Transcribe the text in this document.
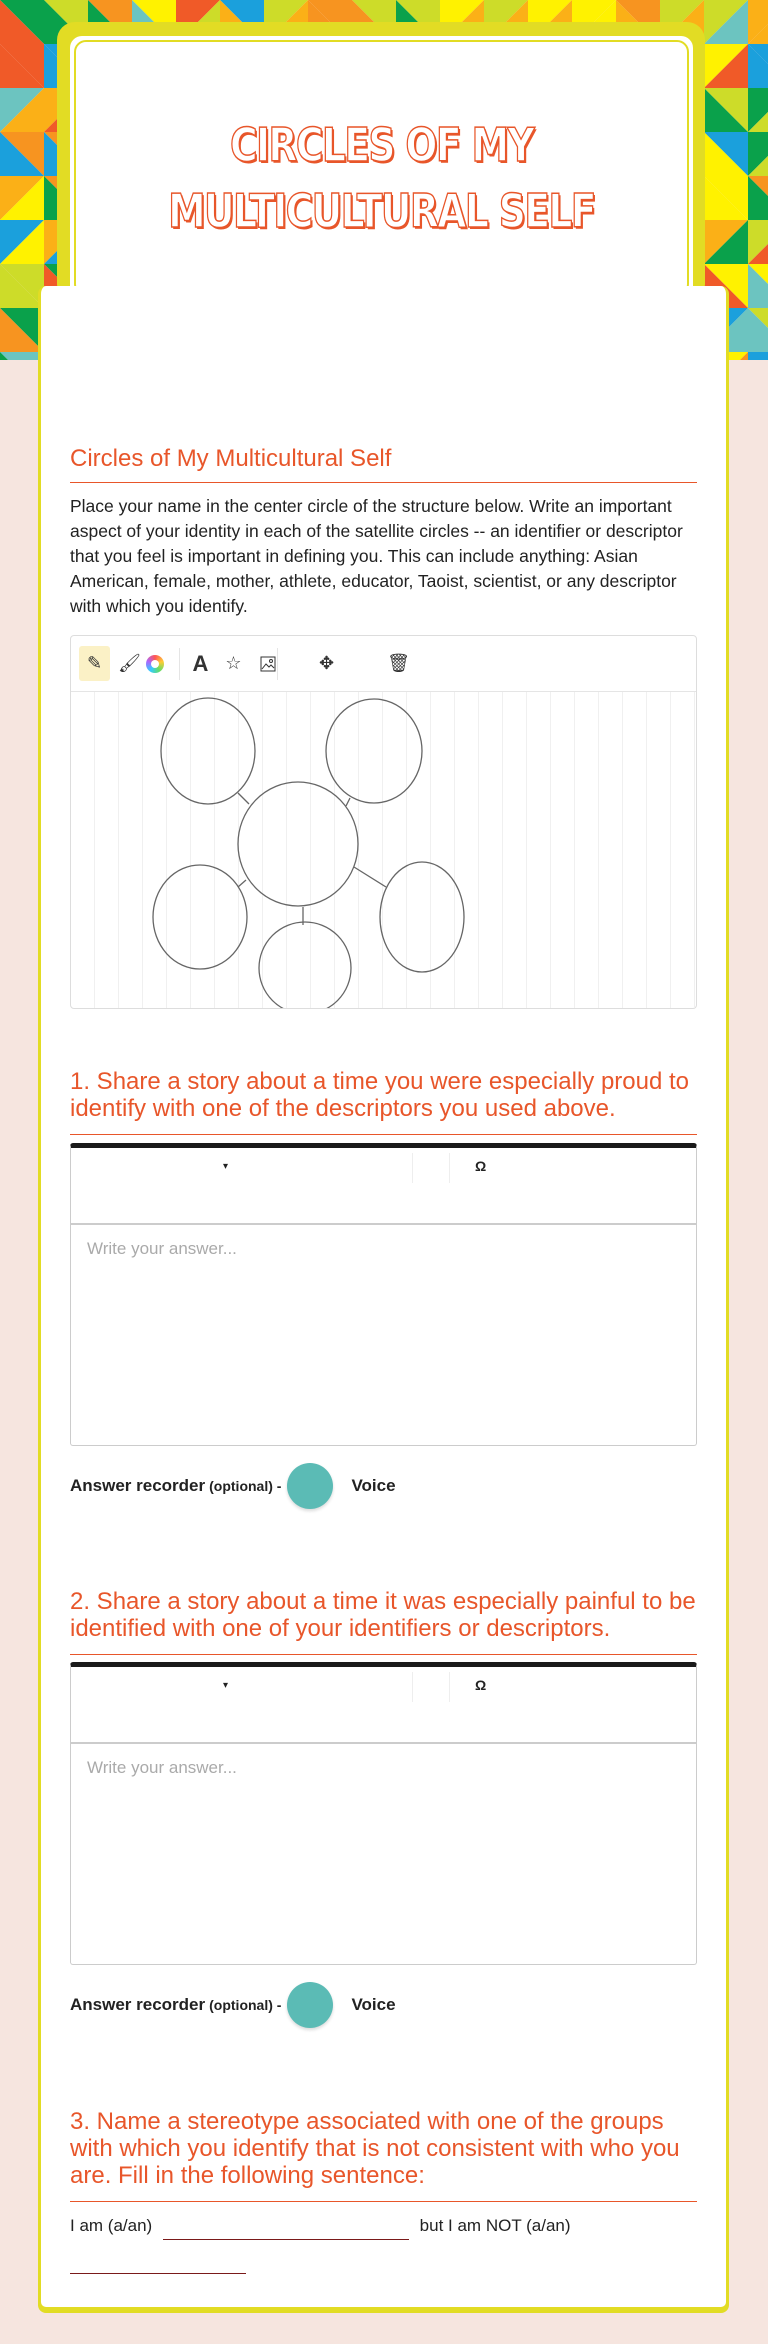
CIRCLES OF MY MULTICULTURAL SELF
Circles of My Multicultural Self
Place your name in the center circle of the structure below. Write an important aspect of your identity in each of the satellite circles -- an identifier or descriptor that you feel is important in defining you. This can include anything: Asian American, female, mother, athlete, educator, Taoist, scientist, or any descriptor with which you identify.
✎ 🖌︎	A ☆	✥	🗑︎
1. Share a story about a time you were especially proud to identify with one of the descriptors you used above.
▾	Ω
Write your answer...
Answer recorder (optional) -	Voice
2. Share a story about a time it was especially painful to be identified with one of your identifiers or descriptors.
▾	Ω
Write your answer...
Answer recorder (optional) -	Voice
3. Name a stereotype associated with one of the groups with which you identify that is not consistent with who you are. Fill in the following sentence:
I am (a/an)	but I am NOT (a/an)
